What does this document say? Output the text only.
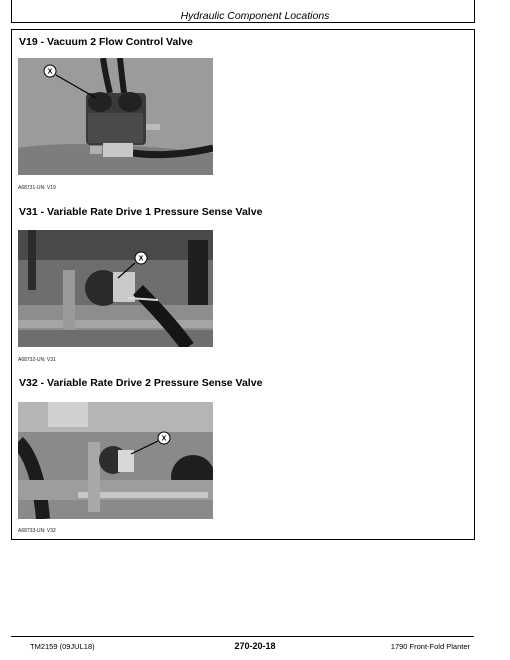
Hydraulic Component Locations
V19 - Vacuum 2 Flow Control Valve
X
A68731-UN: V19
V31 - Variable Rate Drive 1 Pressure Sense Valve
X
A68732-UN: V31
V32 - Variable Rate Drive 2 Pressure Sense Valve
X
A68733-UN: V32
TM2159 (09JUL18)	270-20-18	1790 Front-Fold Planter
